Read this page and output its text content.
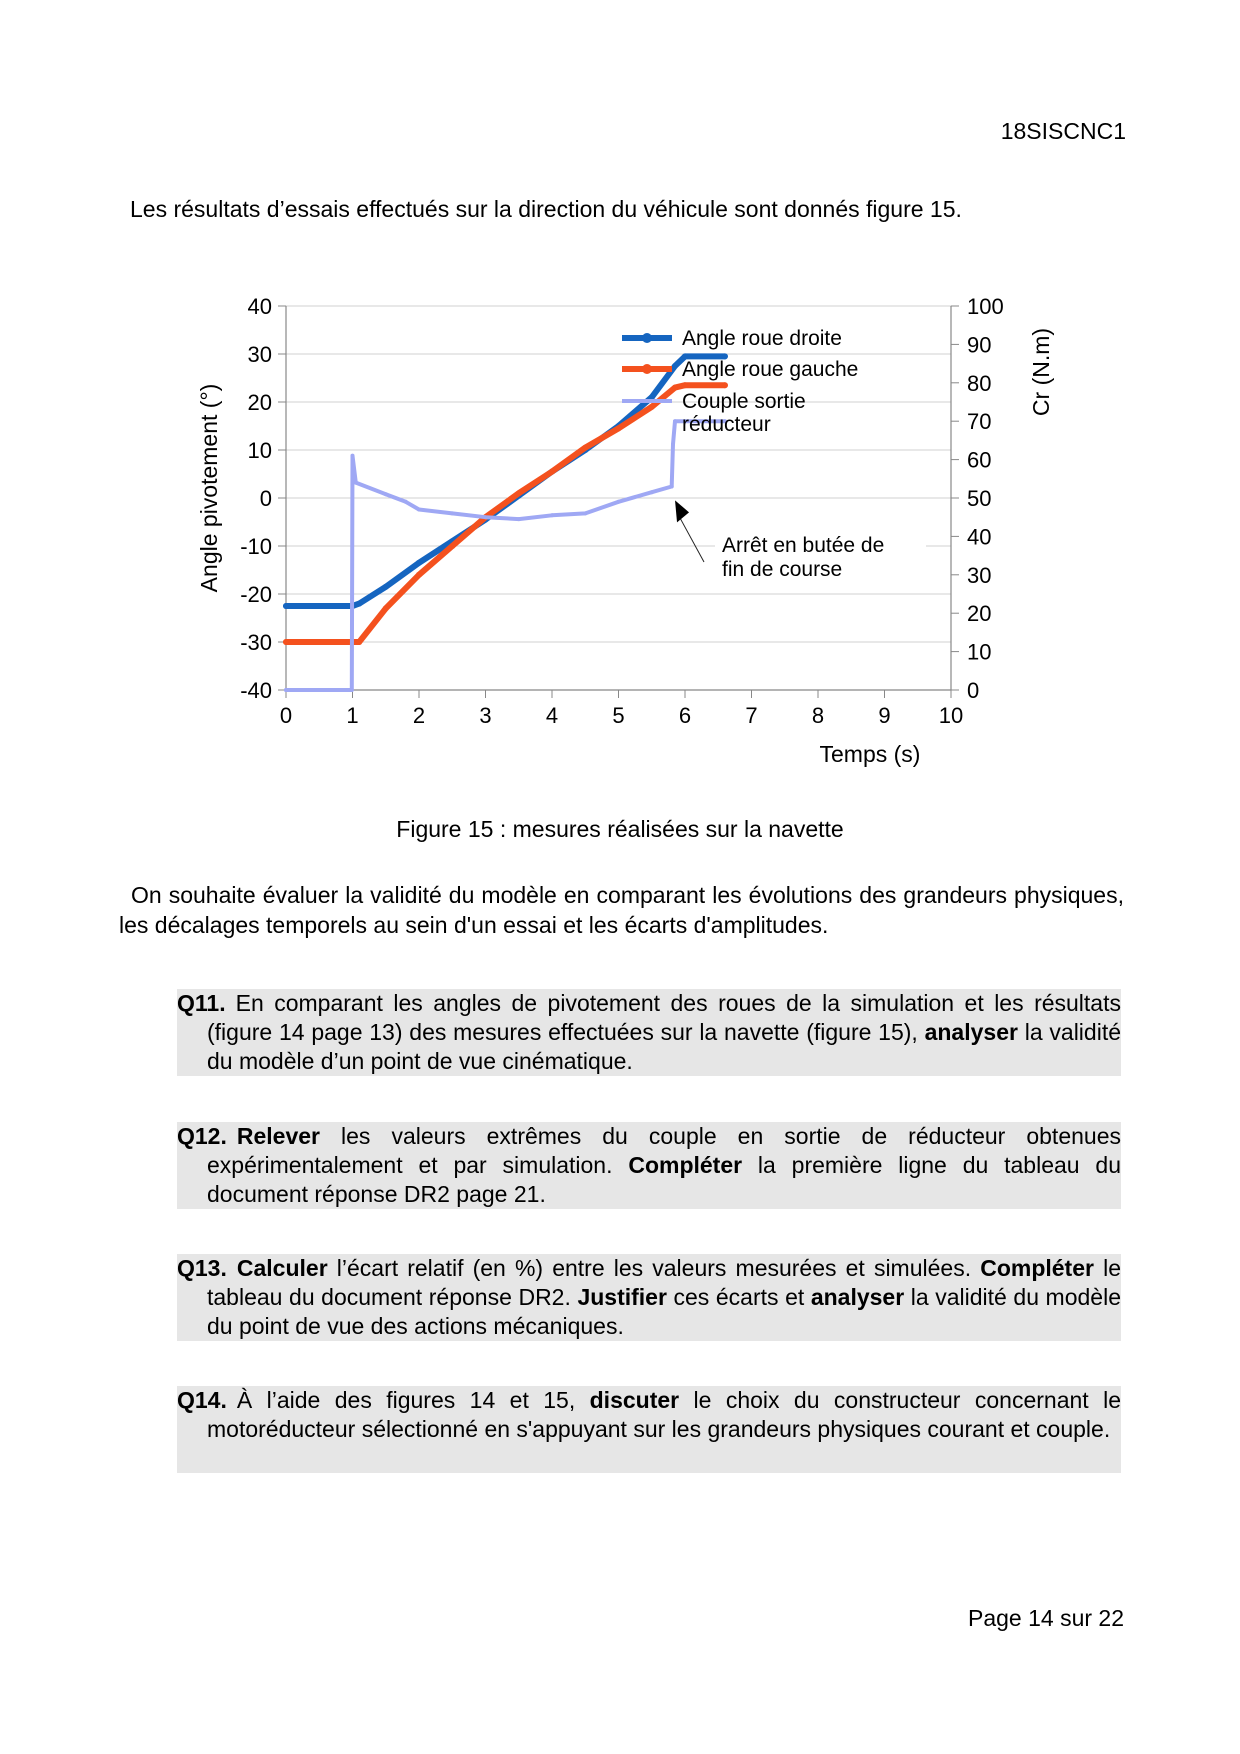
18SISCNC1
Les résultats d’essais effectués sur la direction du véhicule sont donnés figure 15.
40
30
20
10
0
-10
-20
-30
-40
100
90
80
70
60
50
40
30
20
10
0
0 1 2 3 4 5 6 7 8 9 10
Temps (s)
Angle pivotement (°)
Cr (N.m)
Angle roue droite
Angle roue gauche
Couple sortie
réducteur
Arrêt en butée de
fin de course
Figure 15 : mesures réalisées sur la navette
On souhaite évaluer la validité du modèle en comparant les évolutions des grandeurs physiques, les décalages temporels au sein d'un essai et les écarts d'amplitudes.
Q11. En comparant les angles de pivotement des roues de la simulation et les résultats (figure 14 page 13) des mesures effectuées sur la navette (figure 15), analyser la validité du modèle d’un point de vue cinématique.
Q12. Relever les valeurs extrêmes du couple en sortie de réducteur obtenues expérimentalement et par simulation. Compléter la première ligne du tableau du document réponse DR2 page 21.
Q13. Calculer l’écart relatif (en %) entre les valeurs mesurées et simulées. Compléter le tableau du document réponse DR2. Justifier ces écarts et analyser la validité du modèle du point de vue des actions mécaniques.
Q14. À l’aide des figures 14 et 15, discuter le choix du constructeur concernant le motoréducteur sélectionné en s'appuyant sur les grandeurs physiques courant et couple.
Page 14 sur 22
